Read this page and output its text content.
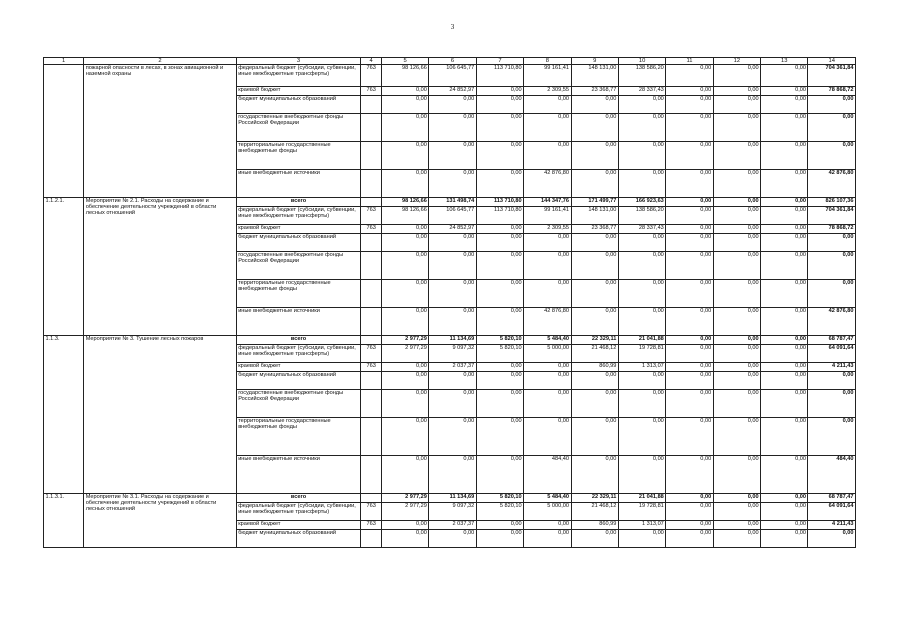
3
1	2	3	4	5	6	7	8	9	10	11	12	13	14
	пожарной опасности в лесах, в зонах авиационной и наземной охраны	федеральный бюджет (субсидии, субвенции, иные межбюджетные трансферты)	763	98 126,66	106 645,77	113 710,80	99 161,41	148 131,00	138 586,20	0,00	0,00	0,00	704 361,84
		краевой бюджет	763	0,00	24 852,97	0,00	2 309,55	23 368,77	28 337,43	0,00	0,00	0,00	78 868,72
		бюджет муниципальных образований		0,00	0,00	0,00	0,00	0,00	0,00	0,00	0,00	0,00	0,00
		государственные внебюджетные фонды Российской Федерации		0,00	0,00	0,00	0,00	0,00	0,00	0,00	0,00	0,00	0,00
		территориальные государственные внебюджетные фонды		0,00	0,00	0,00	0,00	0,00	0,00	0,00	0,00	0,00	0,00
		иные внебюджетные источники		0,00	0,00	0,00	42 876,80	0,00	0,00	0,00	0,00	0,00	42 876,80
1.1.2.1.	Мероприятие № 2.1. Расходы на содержание и обеспечение деятельности учреждений в области лесных отношений	всего		98 126,66	131 498,74	113 710,80	144 347,76	171 499,77	166 923,63	0,00	0,00	0,00	826 107,36
		федеральный бюджет (субсидии, субвенции, иные межбюджетные трансферты)	763	98 126,66	106 645,77	113 710,80	99 161,41	148 131,00	138 586,20	0,00	0,00	0,00	704 361,84
		краевой бюджет	763	0,00	24 852,97	0,00	2 309,55	23 368,77	28 337,43	0,00	0,00	0,00	78 868,72
		бюджет муниципальных образований		0,00	0,00	0,00	0,00	0,00	0,00	0,00	0,00	0,00	0,00
		государственные внебюджетные фонды Российской Федерации		0,00	0,00	0,00	0,00	0,00	0,00	0,00	0,00	0,00	0,00
		территориальные государственные внебюджетные фонды		0,00	0,00	0,00	0,00	0,00	0,00	0,00	0,00	0,00	0,00
		иные внебюджетные источники		0,00	0,00	0,00	42 876,80	0,00	0,00	0,00	0,00	0,00	42 876,80
1.1.3.	Мероприятие № 3. Тушение лесных пожаров	всего		2 977,29	11 134,69	5 820,10	5 484,40	22 329,11	21 041,88	0,00	0,00	0,00	68 787,47
		федеральный бюджет (субсидии, субвенции, иные межбюджетные трансферты)	763	2 977,29	9 097,32	5 820,10	5 000,00	21 468,12	19 728,81	0,00	0,00	0,00	64 091,64
		краевой бюджет	763	0,00	2 037,37	0,00	0,00	860,99	1 313,07	0,00	0,00	0,00	4 211,43
		бюджет муниципальных образований		0,00	0,00	0,00	0,00	0,00	0,00	0,00	0,00	0,00	0,00
		государственные внебюджетные фонды Российской Федерации		0,00	0,00	0,00	0,00	0,00	0,00	0,00	0,00	0,00	0,00
		территориальные государственные внебюджетные фонды		0,00	0,00	0,00	0,00	0,00	0,00	0,00	0,00	0,00	0,00
		иные внебюджетные источники		0,00	0,00	0,00	484,40	0,00	0,00	0,00	0,00	0,00	484,40
1.1.3.1.	Мероприятие № 3.1. Расходы на содержание и обеспечение деятельности учреждений в области лесных отношений	всего		2 977,29	11 134,69	5 820,10	5 484,40	22 329,11	21 041,88	0,00	0,00	0,00	68 787,47
		федеральный бюджет (субсидии, субвенции, иные межбюджетные трансферты)	763	2 977,29	9 097,32	5 820,10	5 000,00	21 468,12	19 728,81	0,00	0,00	0,00	64 091,64
		краевой бюджет	763	0,00	2 037,37	0,00	0,00	860,99	1 313,07	0,00	0,00	0,00	4 211,43
		бюджет муниципальных образований		0,00	0,00	0,00	0,00	0,00	0,00	0,00	0,00	0,00	0,00
